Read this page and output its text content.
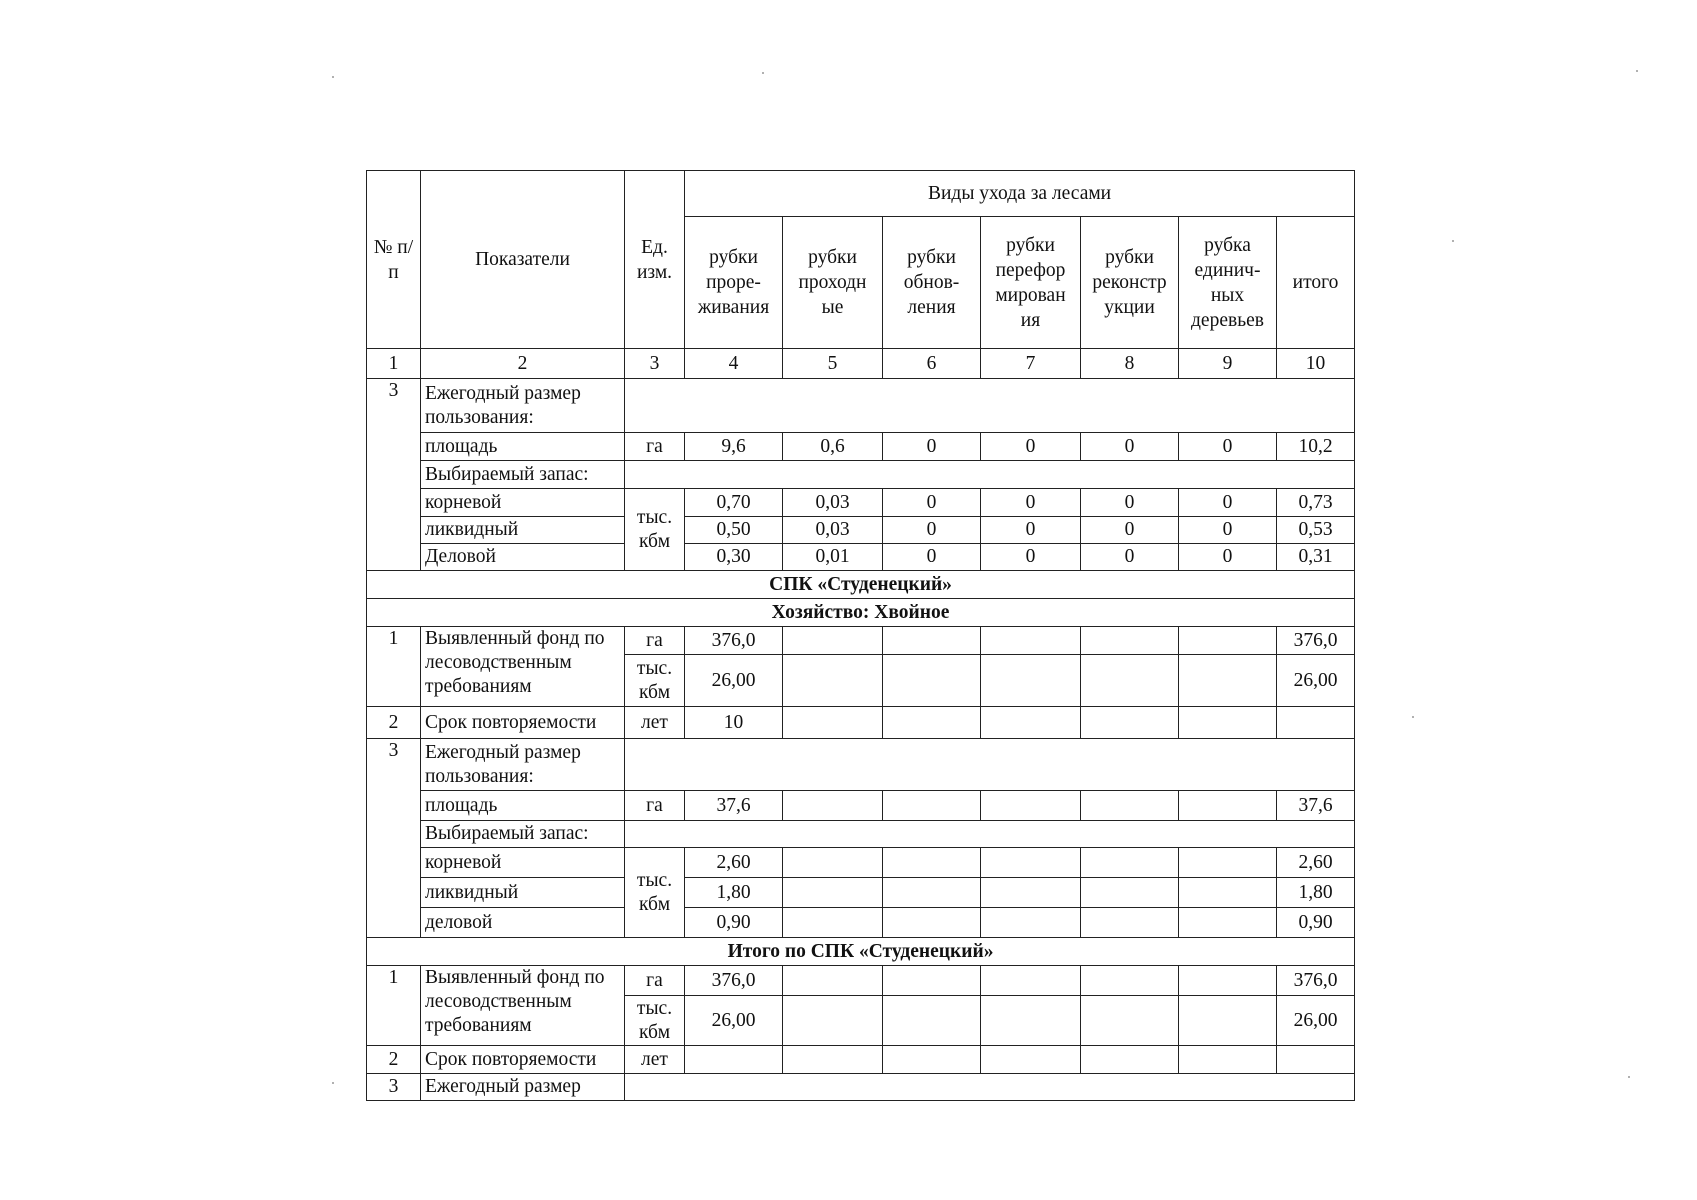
№ п/п	Показатели	Ед. изм.	Виды ухода за лесами						
			рубки проре- живания	рубки проходн ые	рубки обнов- ления	рубки перефор мирован ия	рубки реконстр укции	рубка единич- ных деревьев	итого
1	2	3	4	5	6	7	8	9	10
3	Ежегодный размер пользования:								
	площадь	га	9,6	0,6	0	0	0	0	10,2
	Выбираемый запас:								
	корневой	тыс. кбм	0,70	0,03	0	0	0	0	0,73
	ликвидный		0,50	0,03	0	0	0	0	0,53
	Деловой		0,30	0,01	0	0	0	0	0,31
СПК «Студенецкий»									
Хозяйство: Хвойное									
1	Выявленный фонд по лесоводственным требованиям	га	376,0						376,0
		тыс. кбм	26,00						26,00
2	Срок повторяемости	лет	10						
3	Ежегодный размер пользования:								
	площадь	га	37,6						37,6
	Выбираемый запас:								
	корневой	тыс. кбм	2,60						2,60
	ликвидный		1,80						1,80
	деловой		0,90						0,90
Итого по СПК «Студенецкий»									
1	Выявленный фонд по лесоводственным требованиям	га	376,0						376,0
		тыс. кбм	26,00						26,00
2	Срок повторяемости	лет							
3	Ежегодный размер								
